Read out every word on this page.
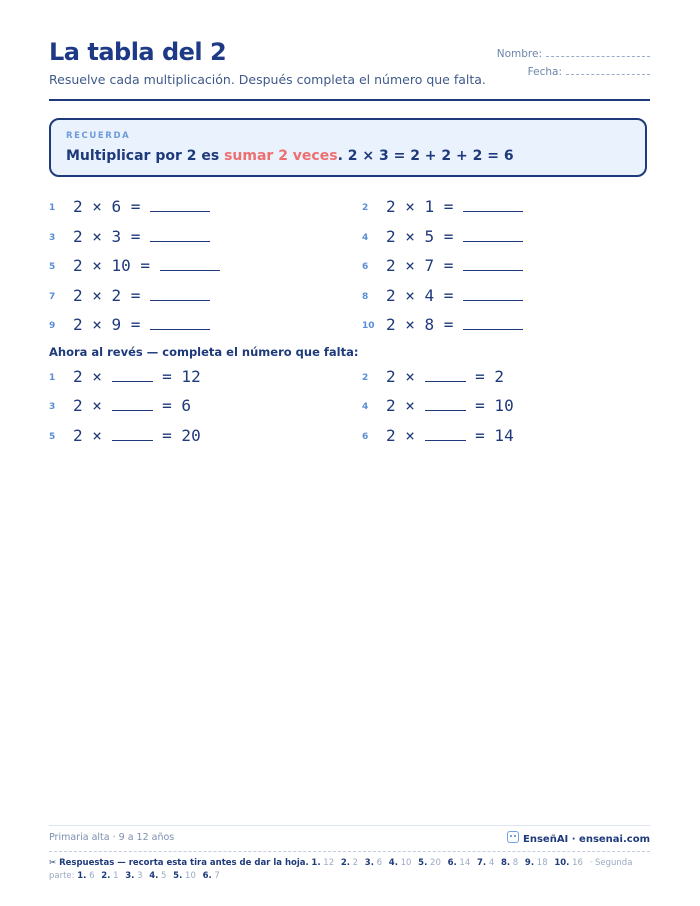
La tabla del 2
Resuelve cada multiplicación. Después completa el número que falta.
Nombre:
Fecha:
RECUERDA
Multiplicar por 2 es sumar 2 veces. 2 × 3 = 2 + 2 + 2 = 6
1 2 × 6 =	2 2 × 1 =
3 2 × 3 =	4 2 × 5 =
5 2 × 10 =	6 2 × 7 =
7 2 × 2 =	8 2 × 4 =
9 2 × 9 =	10 2 × 8 =
Ahora al revés — completa el número que falta:
1 2 ×	= 12	2 2 ×	= 2
3 2 ×	= 6	4 2 ×	= 10
5 2 ×	= 20	6 2 ×	= 14
Primaria alta · 9 a 12 años	EnseñAI · ensenai.com
✂ Respuestas — recorta esta tira antes de dar la hoja. 1. 12 2. 2 3. 6 4. 10 5. 20 6. 14 7. 4 8. 8 9. 18 10. 16 · Segunda parte: 1. 6 2. 1 3. 3 4. 5 5. 10 6. 7
